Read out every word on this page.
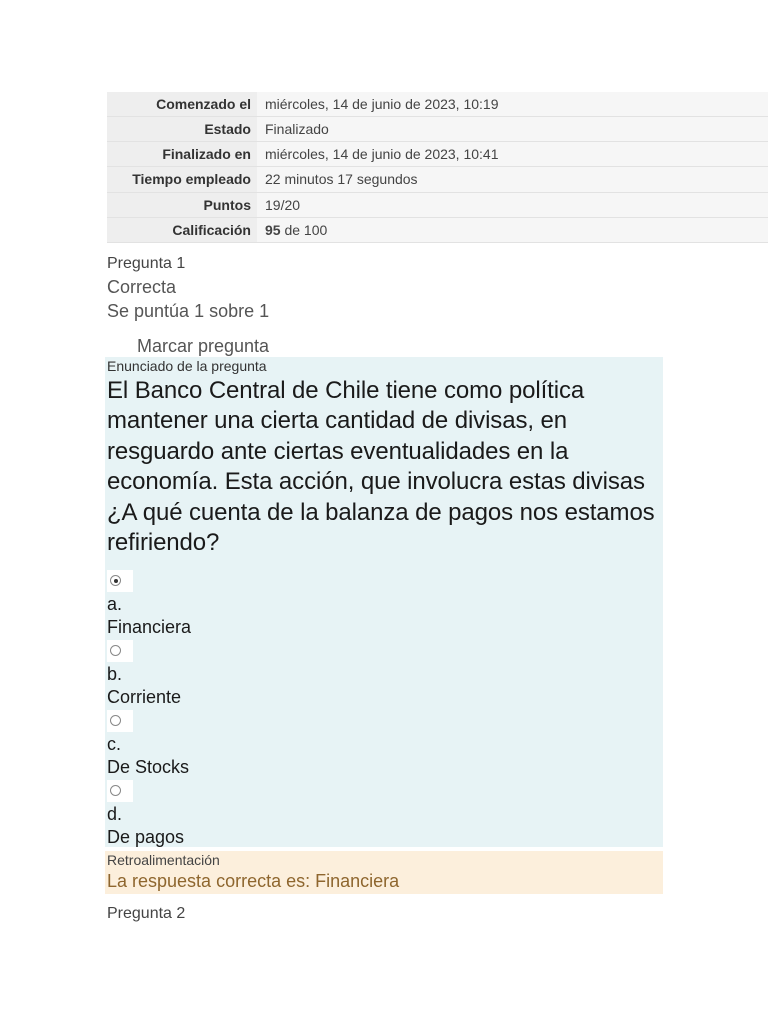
Comenzado el	miércoles, 14 de junio de 2023, 10:19
Estado	Finalizado
Finalizado en	miércoles, 14 de junio de 2023, 10:41
Tiempo empleado	22 minutos 17 segundos
Puntos	19/20
Calificación	95 de 100
Pregunta 1
Correcta
Se puntúa 1 sobre 1
Marcar pregunta
Enunciado de la pregunta
El Banco Central de Chile tiene como política mantener una cierta cantidad de divisas, en resguardo ante ciertas eventualidades en la economía. Esta acción, que involucra estas divisas ¿A qué cuenta de la balanza de pagos nos estamos refiriendo?
a.
Financiera
b.
Corriente
c.
De Stocks
d.
De pagos
Retroalimentación
La respuesta correcta es: Financiera
Pregunta 2
